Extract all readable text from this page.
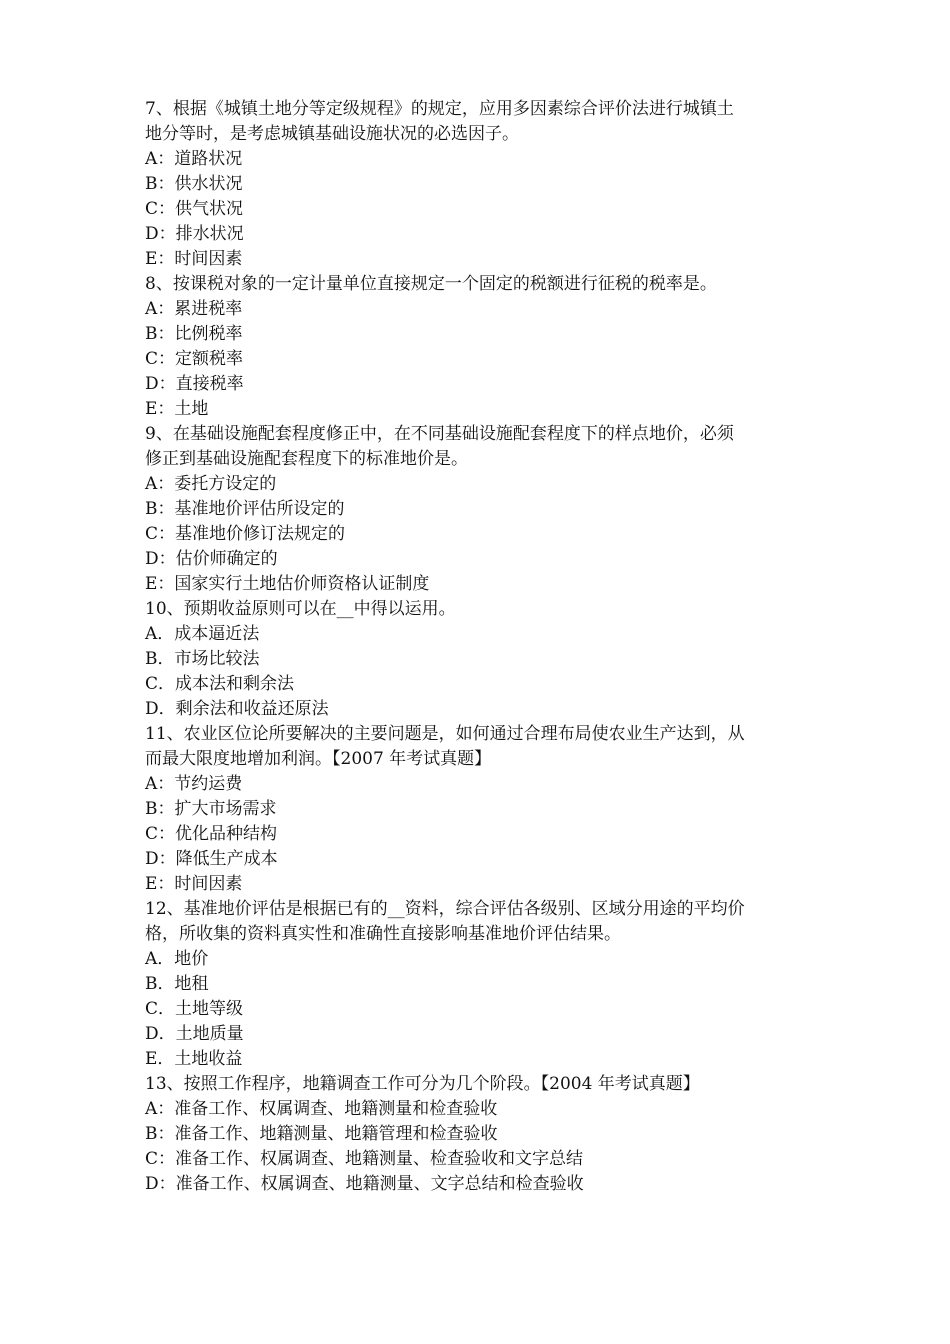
7、根据《城镇土地分等定级规程》的规定，应用多因素综合评价法进行城镇土
地分等时，是考虑城镇基础设施状况的必选因子。
A：道路状况
B：供水状况
C：供气状况
D：排水状况
E：时间因素
8、按课税对象的一定计量单位直接规定一个固定的税额进行征税的税率是。
A：累进税率
B：比例税率
C：定额税率
D：直接税率
E：土地
9、在基础设施配套程度修正中，在不同基础设施配套程度下的样点地价，必须
修正到基础设施配套程度下的标准地价是。
A：委托方设定的
B：基准地价评估所设定的
C：基准地价修订法规定的
D：估价师确定的
E：国家实行土地估价师资格认证制度
10、预期收益原则可以在__中得以运用。
A．成本逼近法
B．市场比较法
C．成本法和剩余法
D．剩余法和收益还原法
11、农业区位论所要解决的主要问题是，如何通过合理布局使农业生产达到，从
而最大限度地增加利润。【2007 年考试真题】
A：节约运费
B：扩大市场需求
C：优化品种结构
D：降低生产成本
E：时间因素
12、基准地价评估是根据已有的__资料，综合评估各级别、区域分用途的平均价
格，所收集的资料真实性和准确性直接影响基准地价评估结果。
A．地价
B．地租
C．土地等级
D．土地质量
E．土地收益
13、按照工作程序，地籍调查工作可分为几个阶段。【2004 年考试真题】
A：准备工作、权属调查、地籍测量和检查验收
B：准备工作、地籍测量、地籍管理和检查验收
C：准备工作、权属调查、地籍测量、检查验收和文字总结
D：准备工作、权属调查、地籍测量、文字总结和检查验收
